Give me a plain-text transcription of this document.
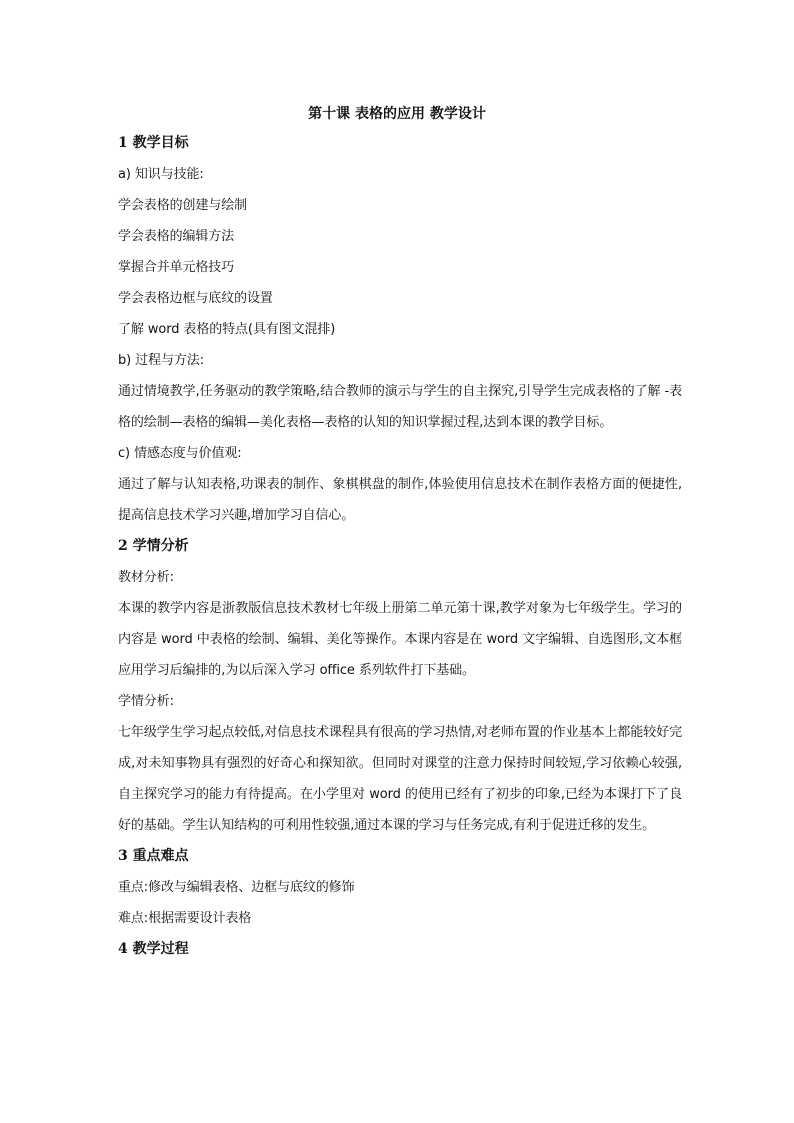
第十课 表格的应用 教学设计
1 教学目标
a) 知识与技能:
学会表格的创建与绘制
学会表格的编辑方法
掌握合并单元格技巧
学会表格边框与底纹的设置
了解 word 表格的特点(具有图文混排)
b) 过程与方法:
通过情境教学,任务驱动的教学策略,结合教师的演示与学生的自主探究,引导学生完成表格的了解 -表格的绘制—表格的编辑—美化表格—表格的认知的知识掌握过程,达到本课的教学目标。
c) 情感态度与价值观:
通过了解与认知表格,功课表的制作、象棋棋盘的制作,体验使用信息技术在制作表格方面的便捷性,提高信息技术学习兴趣,增加学习自信心。
2 学情分析
教材分析:
本课的教学内容是浙教版信息技术教材七年级上册第二单元第十课,教学对象为七年级学生。学习的内容是 word 中表格的绘制、编辑、美化等操作。本课内容是在 word 文字编辑、自选图形,文本框应用学习后编排的,为以后深入学习 office 系列软件打下基础。
学情分析:
七年级学生学习起点较低,对信息技术课程具有很高的学习热情,对老师布置的作业基本上都能较好完成,对未知事物具有强烈的好奇心和探知欲。但同时对课堂的注意力保持时间较短,学习依赖心较强,自主探究学习的能力有待提高。在小学里对 word 的使用已经有了初步的印象,已经为本课打下了良好的基础。学生认知结构的可利用性较强,通过本课的学习与任务完成,有利于促进迁移的发生。
3 重点难点
重点:修改与编辑表格、边框与底纹的修饰
难点:根据需要设计表格
4 教学过程
